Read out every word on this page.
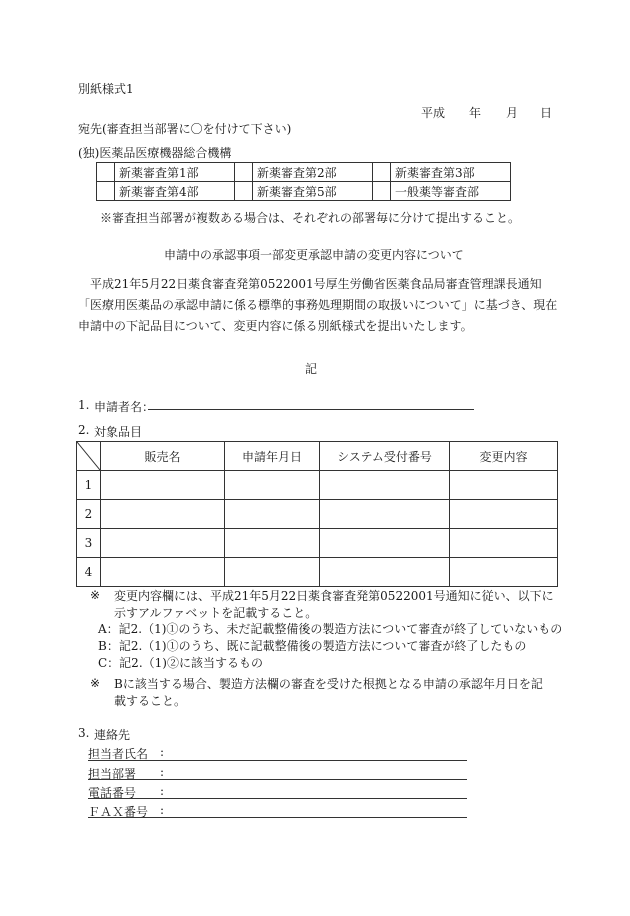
別紙様式1
平成 年 月 日
宛先(審査担当部署に〇を付けて下さい)
(独)医薬品医療機器総合機構
	新薬審査第1部		新薬審査第2部		新薬審査第3部
	新薬審査第4部		新薬審査第5部		一般薬等審査部
※審査担当部署が複数ある場合は、それぞれの部署毎に分けて提出すること。
申請中の承認事項一部変更承認申請の変更内容について
平成21年5月22日薬食審査発第0522001号厚生労働省医薬食品局審査管理課長通知「医療用医薬品の承認申請に係る標準的事務処理期間の取扱いについて」に基づき、現在申請中の下記品目について、変更内容に係る別紙様式を提出いたします。
記
1. 申請者名：
2. 対象品目
	販売名	申請年月日	システム受付番号	変更内容
1				
2				
3				
4				
※ 変更内容欄には、平成21年5月22日薬食審査発第0522001号通知に従い、以下に示すアルファベットを記載すること。
A：記2.（1)①のうち、未だ記載整備後の製造方法について審査が終了していないもの
B：記2.（1)①のうち、既に記載整備後の製造方法について審査が終了したもの
C：記2.（1)②に該当するもの
※ Bに該当する場合、製造方法欄の審査を受けた根拠となる申請の承認年月日を記載すること。
3. 連絡先
担当者氏名 :
担当部署 :
電話番号 :
ＦＡＸ番号 :
